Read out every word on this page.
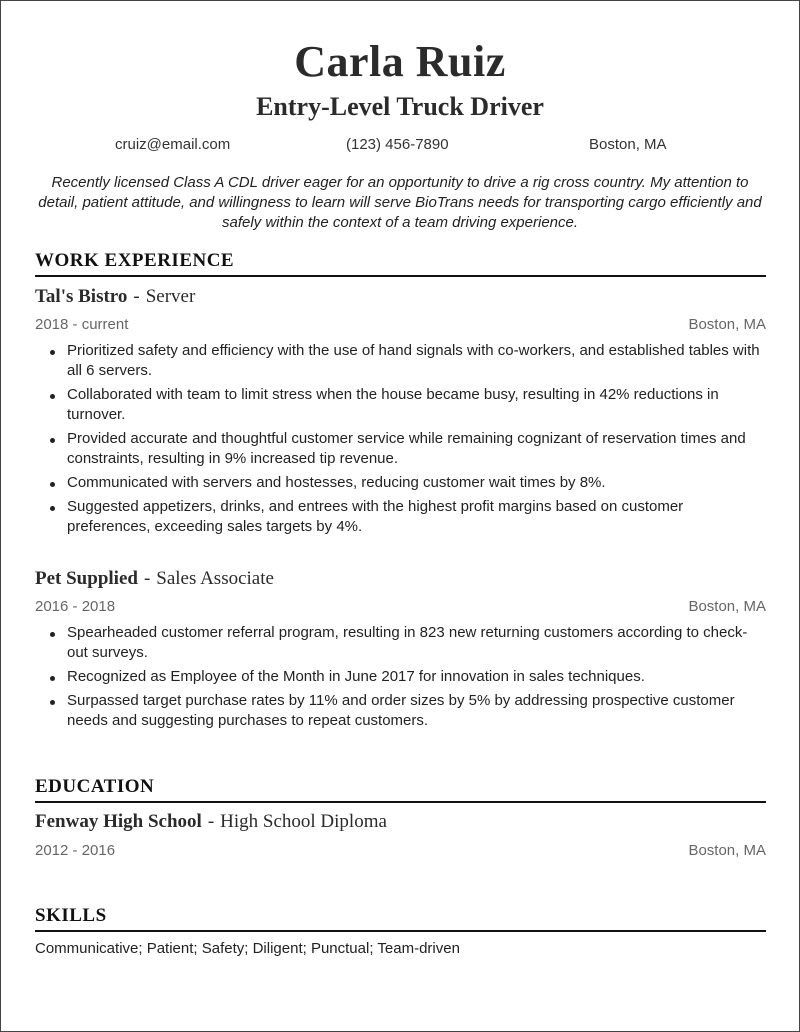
Carla Ruiz
Entry-Level Truck Driver
cruiz@email.com	(123) 456-7890	Boston, MA
Recently licensed Class A CDL driver eager for an opportunity to drive a rig cross country. My attention to detail, patient attitude, and willingness to learn will serve BioTrans needs for transporting cargo efficiently and safely within the context of a team driving experience.
WORK EXPERIENCE
Tal's Bistro - Server
2018 - current	Boston, MA
Prioritized safety and efficiency with the use of hand signals with co-workers, and established tables with all 6 servers.
Collaborated with team to limit stress when the house became busy, resulting in 42% reductions in turnover.
Provided accurate and thoughtful customer service while remaining cognizant of reservation times and constraints, resulting in 9% increased tip revenue.
Communicated with servers and hostesses, reducing customer wait times by 8%.
Suggested appetizers, drinks, and entrees with the highest profit margins based on customer preferences, exceeding sales targets by 4%.
Pet Supplied - Sales Associate
2016 - 2018	Boston, MA
Spearheaded customer referral program, resulting in 823 new returning customers according to check-out surveys.
Recognized as Employee of the Month in June 2017 for innovation in sales techniques.
Surpassed target purchase rates by 11% and order sizes by 5% by addressing prospective customer needs and suggesting purchases to repeat customers.
EDUCATION
Fenway High School - High School Diploma
2012 - 2016	Boston, MA
SKILLS
Communicative; Patient; Safety; Diligent; Punctual; Team-driven
